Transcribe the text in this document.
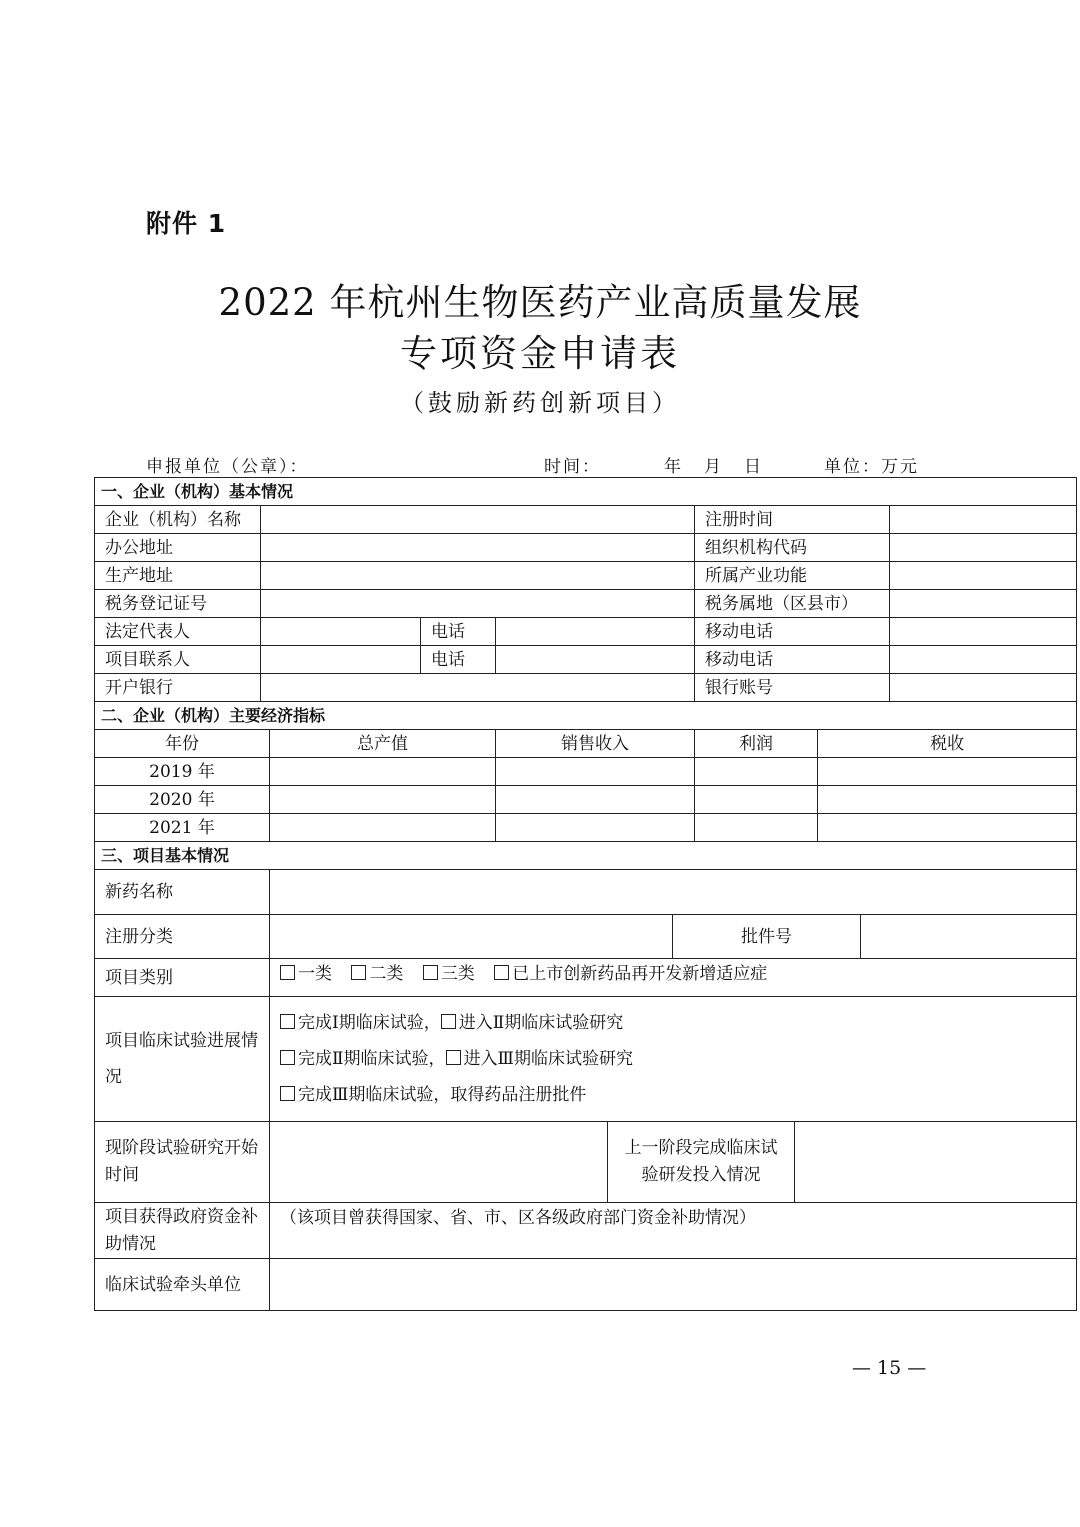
附件 1
2022 年杭州生物医药产业高质量发展
专项资金申请表
（鼓励新药创新项目）
申报单位（公章）：	时间：	年 月 日	单位：万元
一、企业（机构）基本情况											
企业（机构）名称							注册时间				
办公地址							组织机构代码				
生产地址							所属产业功能				
税务登记证号							税务属地（区县市）				
法定代表人			电话				移动电话				
项目联系人			电话				移动电话				
开户银行							银行账号				
二、企业（机构）主要经济指标											
年份		总产值		销售收入			利润		税收		
2019 年											
2020 年											
2021 年											
三、项目基本情况											
新药名称											
注册分类						批件号					
项目类别		一类 二类 三类 已上市创新药品再开发新增适应症									
项目临床试验进展情况		完成Ⅰ期临床试验， 进入Ⅱ期临床试验研究
完成Ⅱ期临床试验， 进入Ⅲ期临床试验研究
完成Ⅲ期临床试验，取得药品注册批件									

现阶段试验研究开始时间					上一阶段完成临床试验研发投入情况						
项目获得政府资金补助情况		（该项目曾获得国家、省、市、区各级政府部门资金补助情况）									
临床试验牵头单位											
— 15 —
